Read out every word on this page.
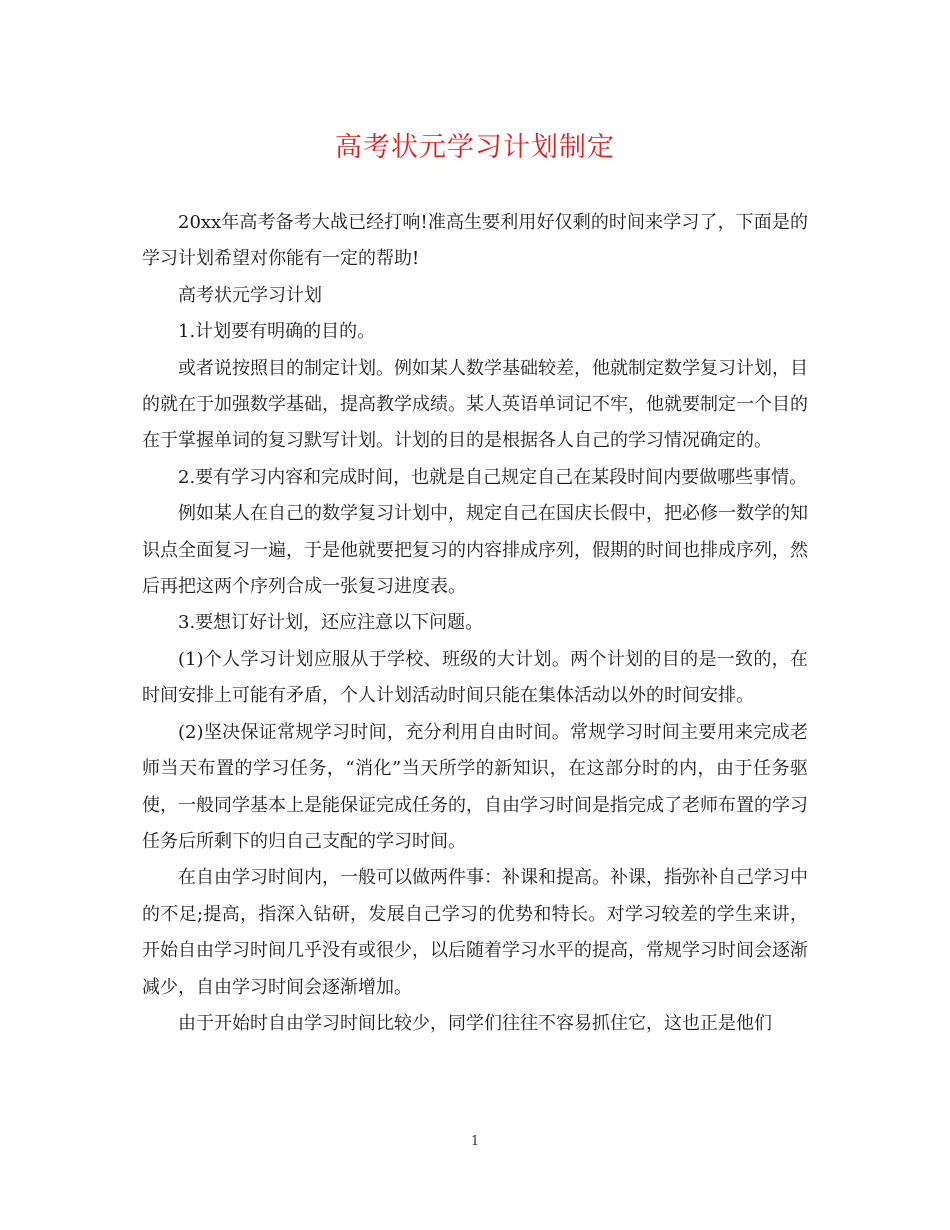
高考状元学习计划制定

20xx年高考备考大战已经打响!准高生要利用好仅剩的时间来学习了，下面是的学习计划希望对你能有一定的帮助!

高考状元学习计划

1.计划要有明确的目的。

或者说按照目的制定计划。例如某人数学基础较差，他就制定数学复习计划，目的就在于加强数学基础，提高教学成绩。某人英语单词记不牢，他就要制定一个目的在于掌握单词的复习默写计划。计划的目的是根据各人自己的学习情况确定的。

2.要有学习内容和完成时间，也就是自己规定自己在某段时间内要做哪些事情。

例如某人在自己的数学复习计划中，规定自己在国庆长假中，把必修一数学的知识点全面复习一遍，于是他就要把复习的内容排成序列，假期的时间也排成序列，然后再把这两个序列合成一张复习进度表。

3.要想订好计划，还应注意以下问题。

(1)个人学习计划应服从于学校、班级的大计划。两个计划的目的是一致的，在时间安排上可能有矛盾，个人计划活动时间只能在集体活动以外的时间安排。

(2)坚决保证常规学习时间，充分利用自由时间。常规学习时间主要用来完成老师当天布置的学习任务，“消化”当天所学的新知识，在这部分时的内，由于任务驱使，一般同学基本上是能保证完成任务的，自由学习时间是指完成了老师布置的学习任务后所剩下的归自己支配的学习时间。

在自由学习时间内，一般可以做两件事：补课和提高。补课，指弥补自己学习中的不足;提高，指深入钻研，发展自己学习的优势和特长。对学习较差的学生来讲，开始自由学习时间几乎没有或很少，以后随着学习水平的提高，常规学习时间会逐渐减少，自由学习时间会逐渐增加。

由于开始时自由学习时间比较少，同学们往往不容易抓住它，这也正是他们

1
